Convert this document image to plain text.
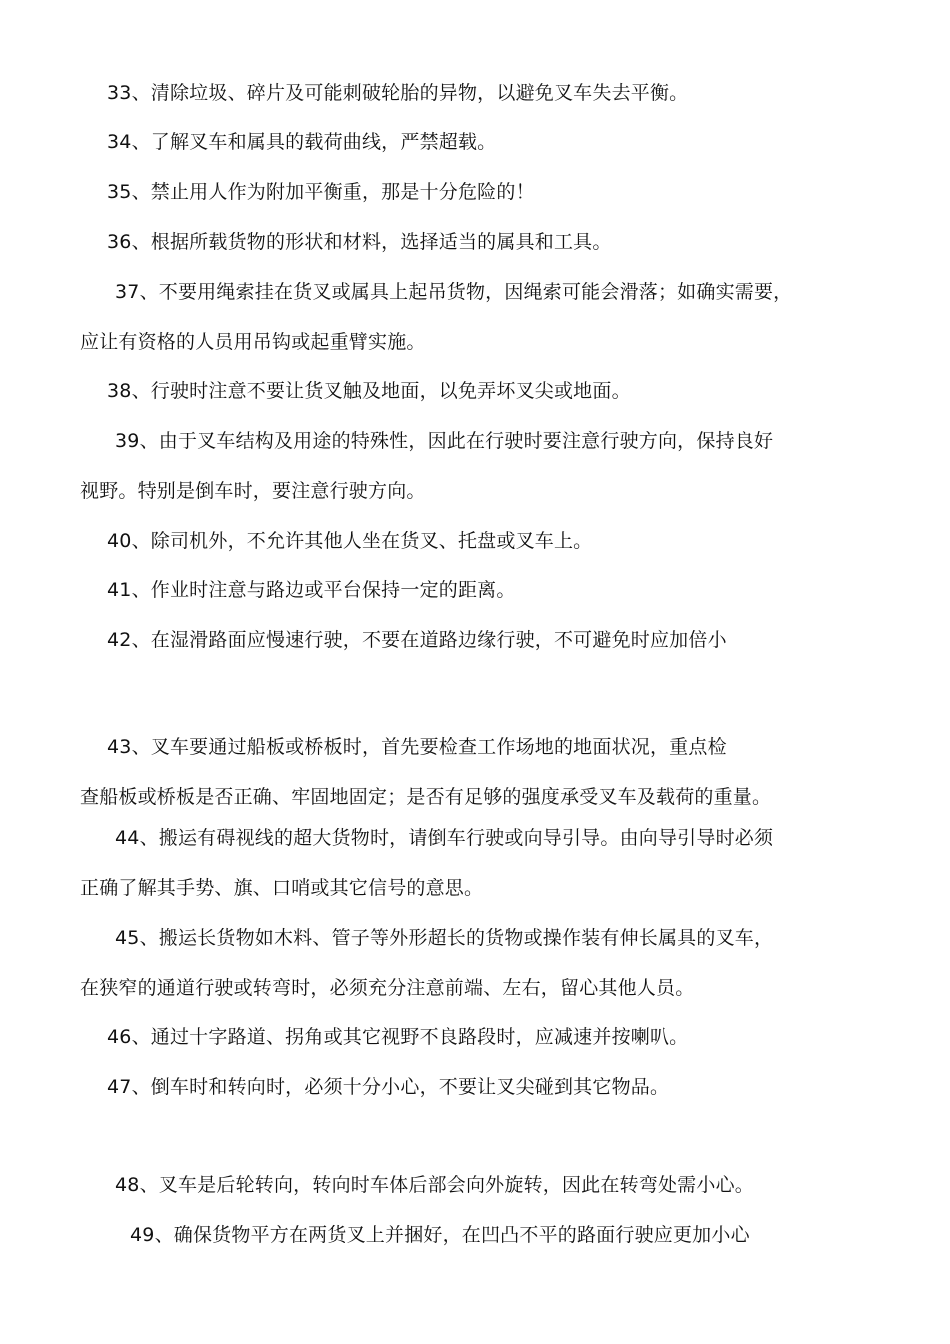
33、清除垃圾、碎片及可能刺破轮胎的异物，以避免叉车失去平衡。
34、了解叉车和属具的载荷曲线，严禁超载。
35、禁止用人作为附加平衡重，那是十分危险的！
36、根据所载货物的形状和材料，选择适当的属具和工具。
37、不要用绳索挂在货叉或属具上起吊货物，因绳索可能会滑落；如确实需要，
应让有资格的人员用吊钩或起重臂实施。
38、行驶时注意不要让货叉触及地面，以免弄坏叉尖或地面。
39、由于叉车结构及用途的特殊性，因此在行驶时要注意行驶方向，保持良好
视野。特别是倒车时，要注意行驶方向。
40、除司机外，不允许其他人坐在货叉、托盘或叉车上。
41、作业时注意与路边或平台保持一定的距离。
42、在湿滑路面应慢速行驶，不要在道路边缘行驶，不可避免时应加倍小
43、叉车要通过船板或桥板时，首先要检查工作场地的地面状况，重点检
查船板或桥板是否正确、牢固地固定；是否有足够的强度承受叉车及载荷的重量。
44、搬运有碍视线的超大货物时，请倒车行驶或向导引导。由向导引导时必须
正确了解其手势、旗、口哨或其它信号的意思。
45、搬运长货物如木料、管子等外形超长的货物或操作装有伸长属具的叉车，
在狭窄的通道行驶或转弯时，必须充分注意前端、左右，留心其他人员。
46、通过十字路道、拐角或其它视野不良路段时，应减速并按喇叭。
47、倒车时和转向时，必须十分小心，不要让叉尖碰到其它物品。
48、叉车是后轮转向，转向时车体后部会向外旋转，因此在转弯处需小心。
49、确保货物平方在两货叉上并捆好，在凹凸不平的路面行驶应更加小心
